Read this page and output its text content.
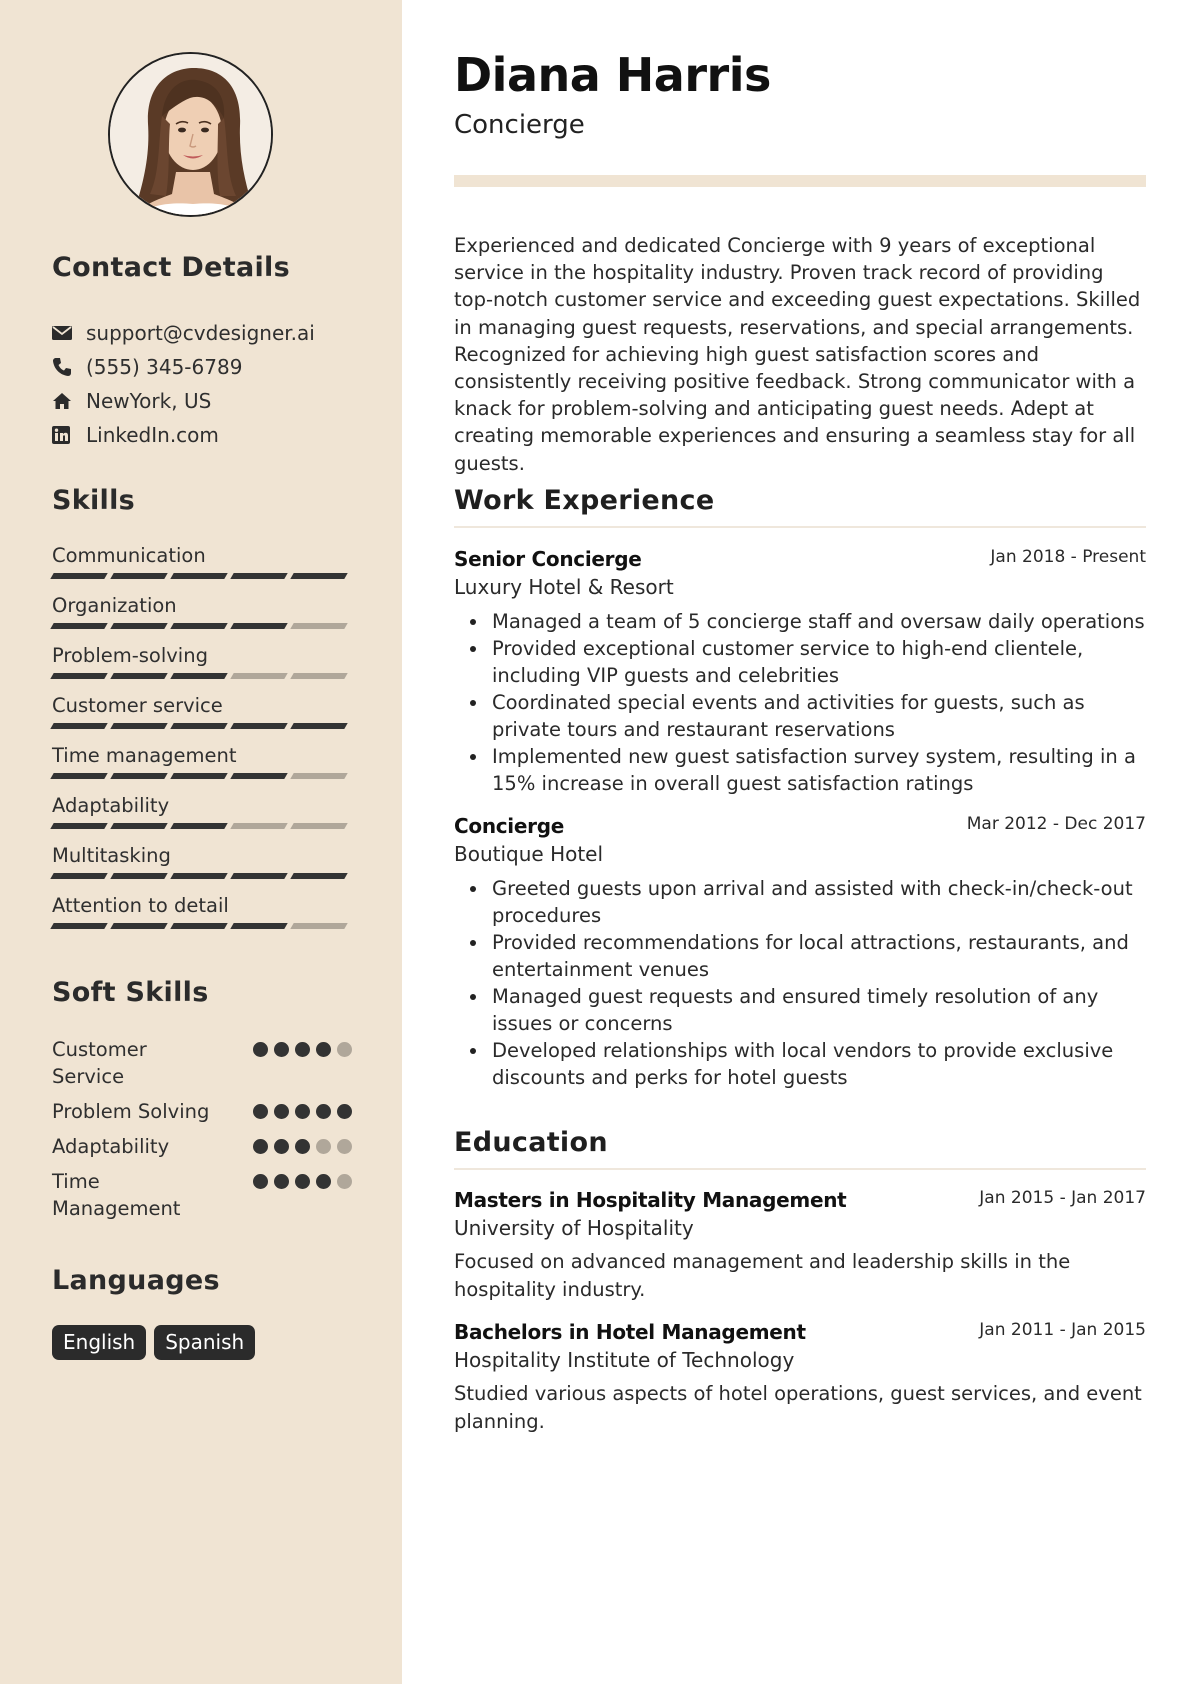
Contact Details
support@cvdesigner.ai
(555) 345-6789
NewYork, US
LinkedIn.com
Skills
Communication
Organization
Problem-solving
Customer service
Time management
Adaptability
Multitasking
Attention to detail
Soft Skills
Customer Service
Problem Solving
Adaptability
Time Management
Languages
English	Spanish
Diana Harris
Concierge
Experienced and dedicated Concierge with 9 years of exceptional service in the hospitality industry. Proven track record of providing top-notch customer service and exceeding guest expectations. Skilled in managing guest requests, reservations, and special arrangements. Recognized for achieving high guest satisfaction scores and consistently receiving positive feedback. Strong communicator with a knack for problem-solving and anticipating guest needs. Adept at creating memorable experiences and ensuring a seamless stay for all guests.
Work Experience
Senior Concierge	Jan 2018 - Present
Luxury Hotel & Resort
Managed a team of 5 concierge staff and oversaw daily operations
Provided exceptional customer service to high-end clientele, including VIP guests and celebrities
Coordinated special events and activities for guests, such as private tours and restaurant reservations
Implemented new guest satisfaction survey system, resulting in a 15% increase in overall guest satisfaction ratings
Concierge	Mar 2012 - Dec 2017
Boutique Hotel
Greeted guests upon arrival and assisted with check-in/check-out procedures
Provided recommendations for local attractions, restaurants, and entertainment venues
Managed guest requests and ensured timely resolution of any issues or concerns
Developed relationships with local vendors to provide exclusive discounts and perks for hotel guests
Education
Masters in Hospitality Management	Jan 2015 - Jan 2017
University of Hospitality
Focused on advanced management and leadership skills in the hospitality industry.
Bachelors in Hotel Management	Jan 2011 - Jan 2015
Hospitality Institute of Technology
Studied various aspects of hotel operations, guest services, and event planning.
